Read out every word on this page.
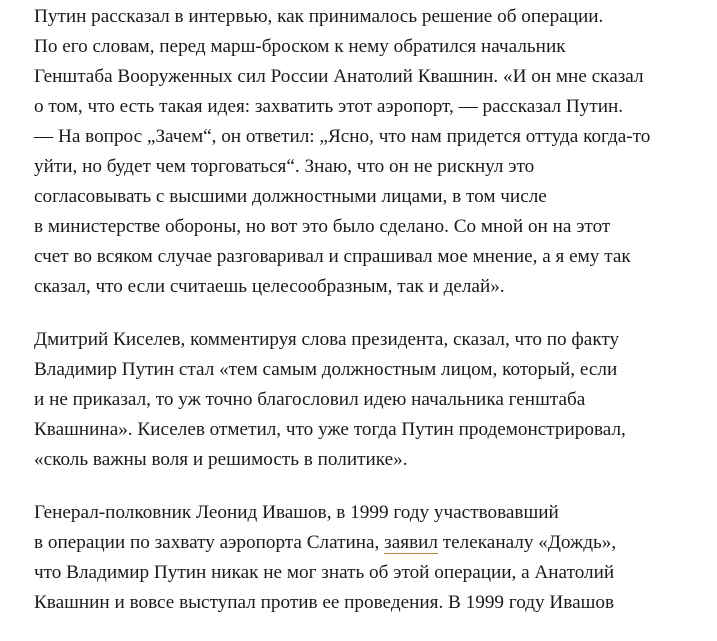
Путин рассказал в интервью, как принималось решение об операции.
По его словам, перед марш-броском к нему обратился начальник
Генштаба Вооруженных сил России Анатолий Квашнин. «И он мне сказал
о том, что есть такая идея: захватить этот аэропорт, — рассказал Путин.
— На вопрос „Зачем“, он ответил: „Ясно, что нам придется оттуда когда-то
уйти, но будет чем торговаться“. Знаю, что он не рискнул это
согласовывать с высшими должностными лицами, в том числе
в министерстве обороны, но вот это было сделано. Со мной он на этот
счет во всяком случае разговаривал и спрашивал мое мнение, а я ему так
сказал, что если считаешь целесообразным, так и делай».

Дмитрий Киселев, комментируя слова президента, сказал, что по факту
Владимир Путин стал «тем самым должностным лицом, который, если
и не приказал, то уж точно благословил идею начальника генштаба
Квашнина». Киселев отметил, что уже тогда Путин продемонстрировал,
«сколь важны воля и решимость в политике».

Генерал-полковник Леонид Ивашов, в 1999 году участвовавший
в операции по захвату аэропорта Слатина, заявил телеканалу «Дождь»,
что Владимир Путин никак не мог знать об этой операции, а Анатолий
Квашнин и вовсе выступал против ее проведения. В 1999 году Ивашов
